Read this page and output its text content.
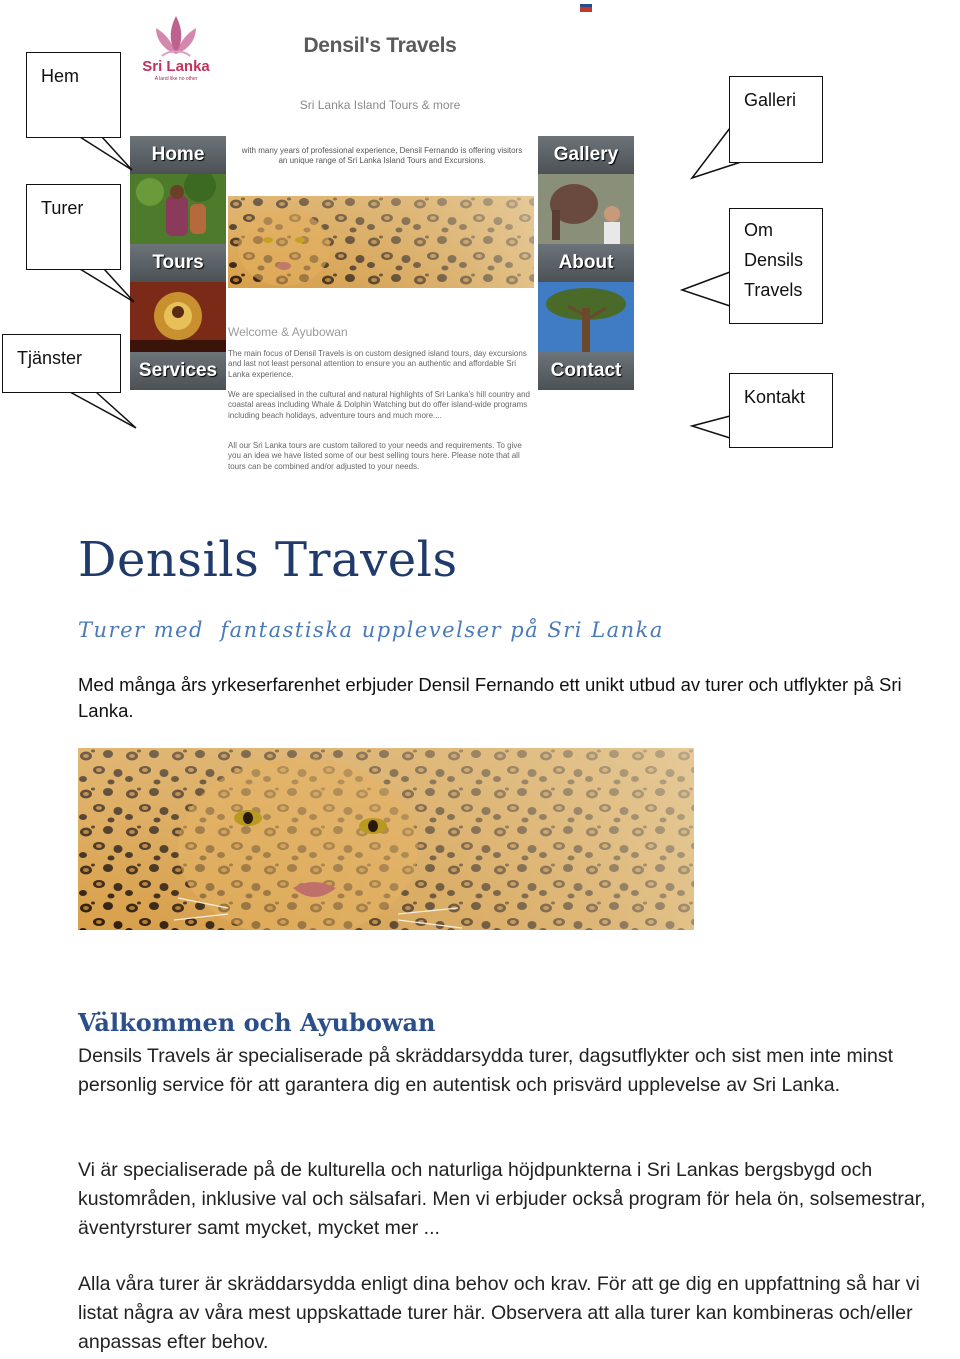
Sri Lanka
A land like no other
Densil's Travels
Sri Lanka Island Tours & more
Home
Tours
Services
Gallery
About
Contact
with many years of professional experience, Densil Fernando is offering visitors an unique range of Sri Lanka Island Tours and Excursions.
Welcome & Ayubowan
The main focus of Densil Travels is on custom designed island tours, day excursions and last not least personal attention to ensure you an authentic and affordable Sri Lanka experience.
We are specialised in the cultural and natural highlights of Sri Lanka's hill country and coastal areas including Whale & Dolphin Watching but do offer island-wide programs including beach holidays, adventure tours and much more....
All our Sri Lanka tours are custom tailored to your needs and requirements. To give you an idea we have listed some of our best selling tours here. Please note that all tours can be combined and/or adjusted to your needs.
Hem
Turer
Tjänster
Galleri
Om Densils Travels
Kontakt
Densils Travels

Turer med  fantastiska upplevelser på Sri Lanka

Med många års yrkeserfarenhet erbjuder Densil Fernando ett unikt utbud av turer och utflykter på Sri Lanka.

Välkommen och Ayubowan

Densils Travels är specialiserade på skräddarsydda turer, dagsutflykter och sist men inte minst personlig service för att garantera dig en autentisk och prisvärd upplevelse av Sri Lanka.

Vi är specialiserade på de kulturella och naturliga höjdpunkterna i Sri Lankas bergsbygd och kustområden, inklusive val och sälsafari. Men vi erbjuder också program för hela ön, solsemestrar, äventyrsturer samt mycket, mycket mer ...

Alla våra turer är skräddarsydda enligt dina behov och krav. För att ge dig en uppfattning så har vi listat några av våra mest uppskattade turer här. Observera att alla turer kan kombineras och/eller anpassas efter behov.
